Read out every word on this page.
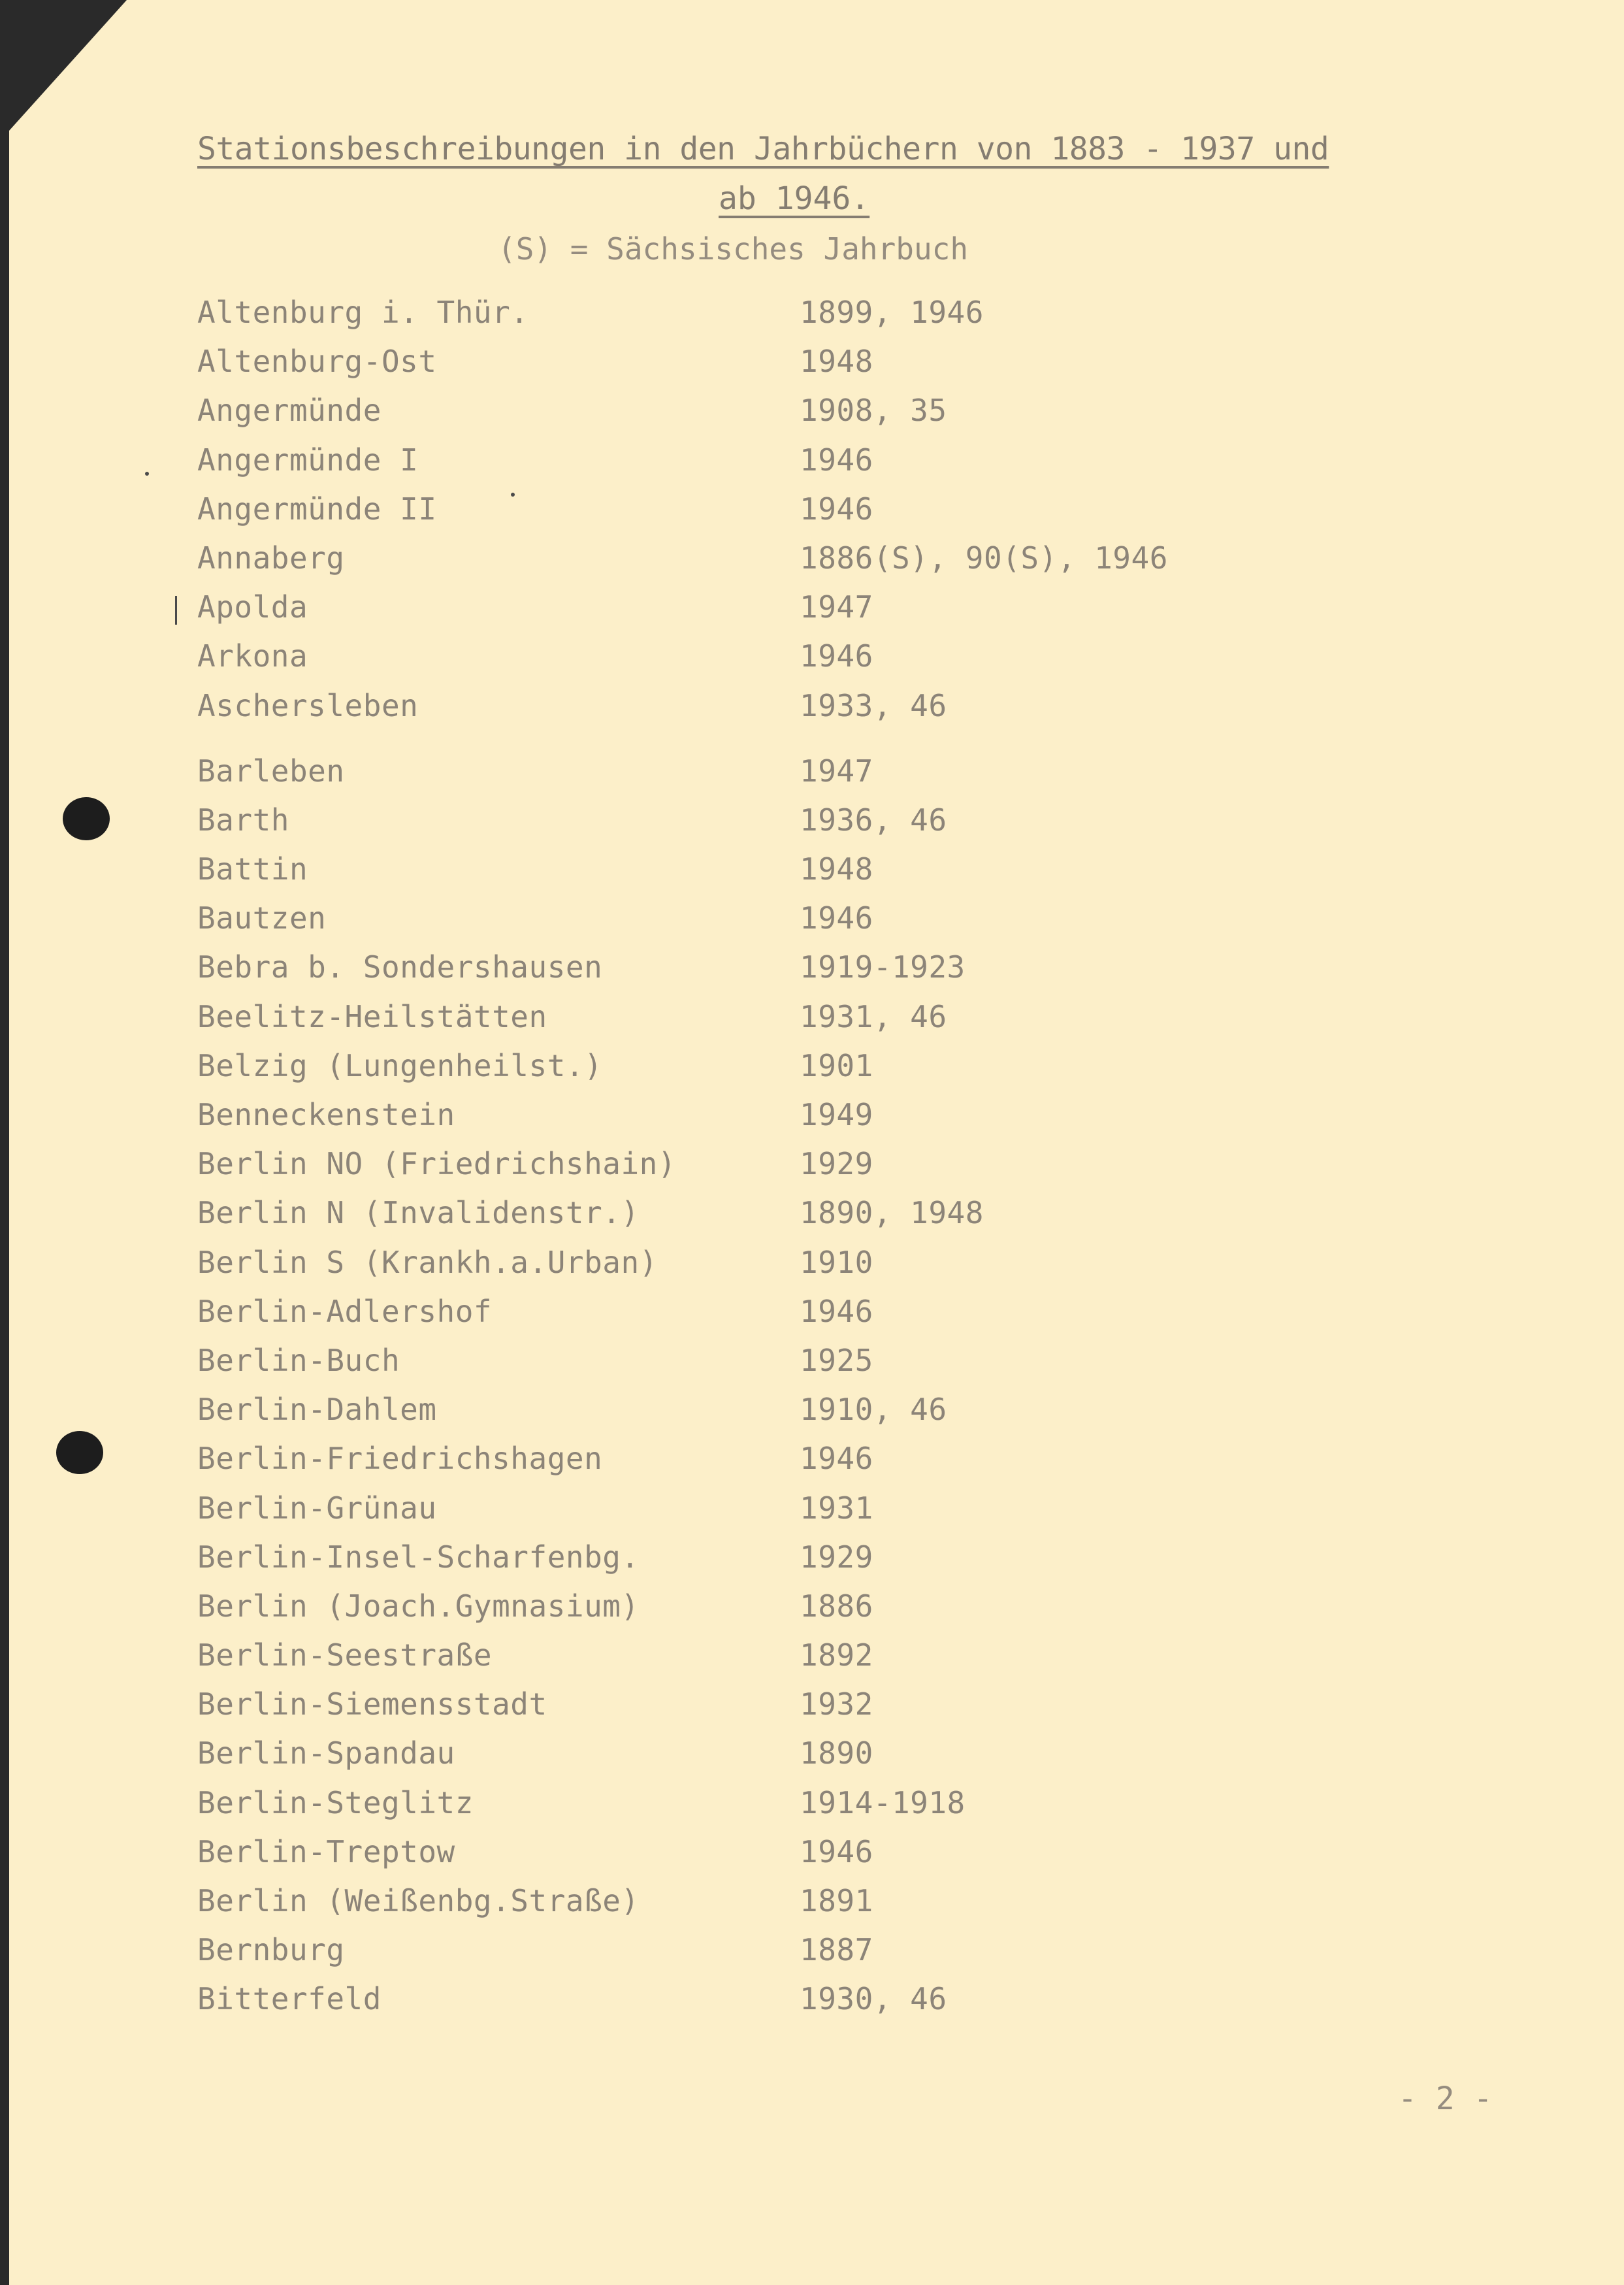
Stationsbeschreibungen in den Jahrbüchern von 1883 - 1937 und
ab 1946.
(S) = Sächsisches Jahrbuch
Altenburg i. Thür.	1899, 1946
Altenburg-Ost	1948
Angermünde	1908, 35
Angermünde I	1946
Angermünde II	1946
Annaberg	1886(S), 90(S), 1946
Apolda	1947
Arkona	1946
Aschersleben	1933, 46
Barleben	1947
Barth	1936, 46
Battin	1948
Bautzen	1946
Bebra b. Sondershausen	1919-1923
Beelitz-Heilstätten	1931, 46
Belzig (Lungenheilst.)	1901
Benneckenstein	1949
Berlin NO (Friedrichshain)	1929
Berlin N (Invalidenstr.)	1890, 1948
Berlin S (Krankh.a.Urban)	1910
Berlin-Adlershof	1946
Berlin-Buch	1925
Berlin-Dahlem	1910, 46
Berlin-Friedrichshagen	1946
Berlin-Grünau	1931
Berlin-Insel-Scharfenbg.	1929
Berlin (Joach.Gymnasium)	1886
Berlin-Seestraße	1892
Berlin-Siemensstadt	1932
Berlin-Spandau	1890
Berlin-Steglitz	1914-1918
Berlin-Treptow	1946
Berlin (Weißenbg.Straße)	1891
Bernburg	1887
Bitterfeld	1930, 46
- 2 -
